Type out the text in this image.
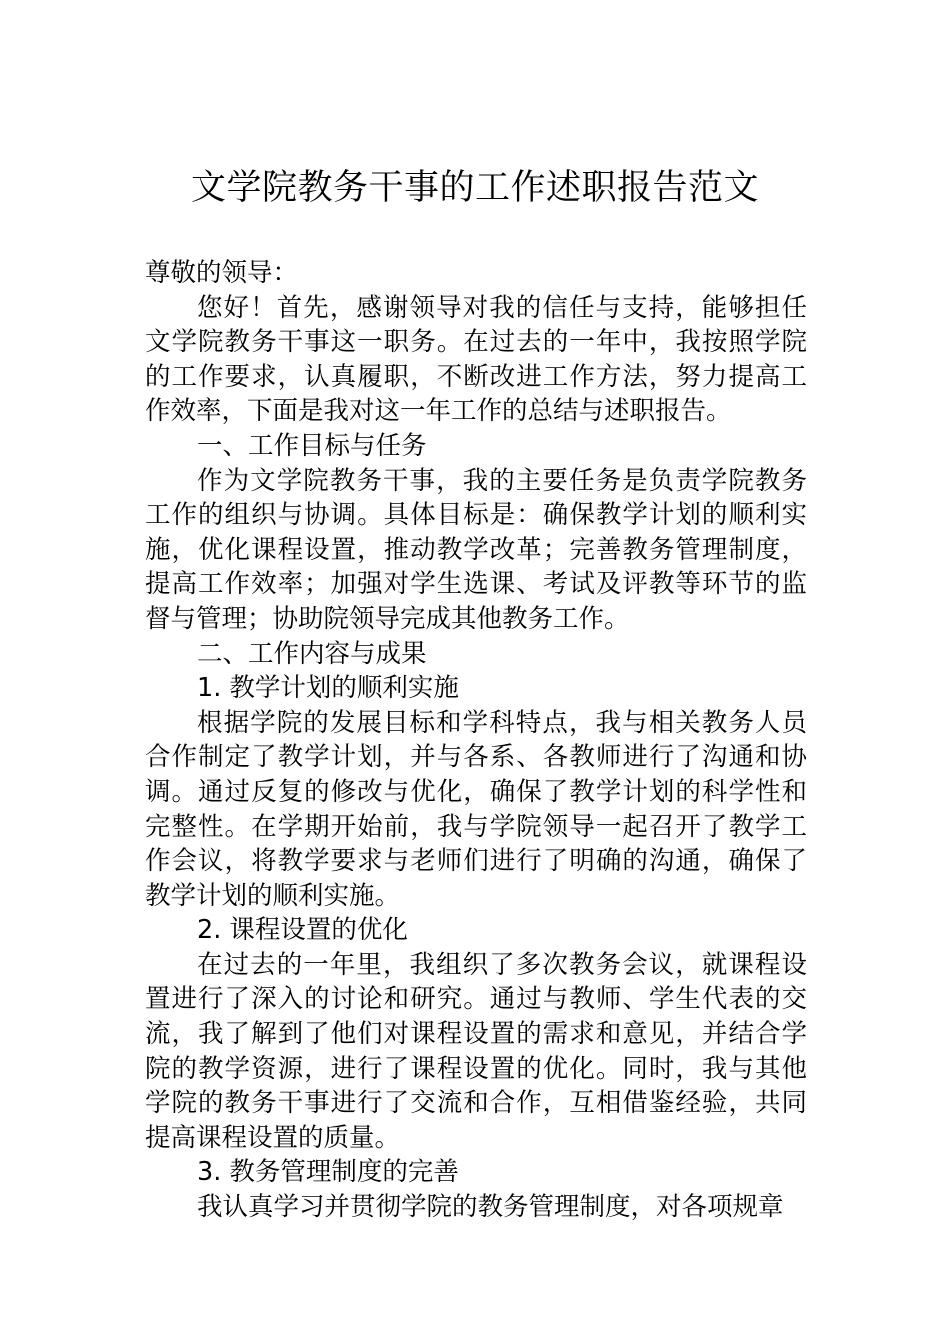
文学院教务干事的工作述职报告范文

尊敬的领导：

您好！首先，感谢领导对我的信任与支持，能够担任文学院教务干事这一职务。在过去的一年中，我按照学院的工作要求，认真履职，不断改进工作方法，努力提高工作效率，下面是我对这一年工作的总结与述职报告。

一、工作目标与任务

作为文学院教务干事，我的主要任务是负责学院教务工作的组织与协调。具体目标是：确保教学计划的顺利实施，优化课程设置，推动教学改革；完善教务管理制度，提高工作效率；加强对学生选课、考试及评教等环节的监督与管理；协助院领导完成其他教务工作。

二、工作内容与成果

1. 教学计划的顺利实施

根据学院的发展目标和学科特点，我与相关教务人员合作制定了教学计划，并与各系、各教师进行了沟通和协调。通过反复的修改与优化，确保了教学计划的科学性和完整性。在学期开始前，我与学院领导一起召开了教学工作会议，将教学要求与老师们进行了明确的沟通，确保了教学计划的顺利实施。

2. 课程设置的优化

在过去的一年里，我组织了多次教务会议，就课程设置进行了深入的讨论和研究。通过与教师、学生代表的交流，我了解到了他们对课程设置的需求和意见，并结合学院的教学资源，进行了课程设置的优化。同时，我与其他学院的教务干事进行了交流和合作，互相借鉴经验，共同提高课程设置的质量。

3. 教务管理制度的完善

我认真学习并贯彻学院的教务管理制度，对各项规章
